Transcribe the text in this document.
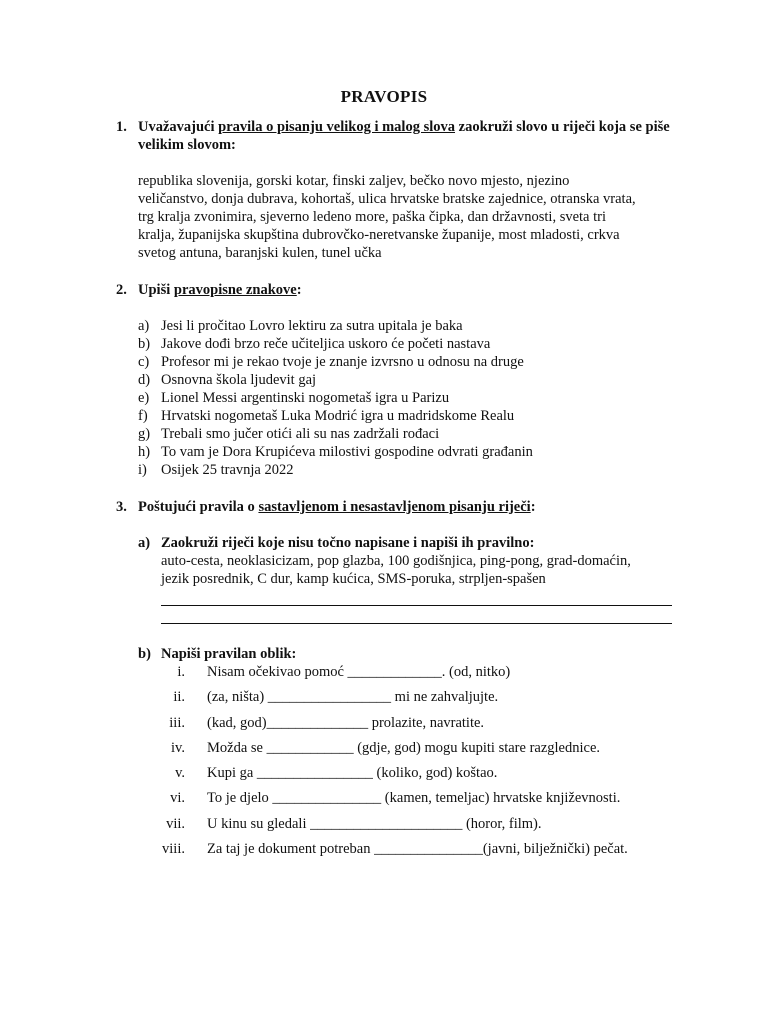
PRAVOPIS
1. Uvažavajući pravila o pisanju velikog i malog slova zaokruži slovo u riječi koja se piše velikim slovom:
republika slovenija, gorski kotar, finski zaljev, bečko novo mjesto, njezino
veličanstvo, donja dubrava, kohortaš, ulica hrvatske bratske zajednice, otranska vrata,
trg kralja zvonimira, sjeverno ledeno more, paška čipka, dan državnosti, sveta tri
kralja, županijska skupština dubrovčko-neretvanske županije, most mladosti, crkva
svetog antuna, baranjski kulen, tunel učka
2. Upiši pravopisne znakove:
a) Jesi li pročitao Lovro lektiru za sutra upitala je baka
b) Jakove dođi brzo reče učiteljica uskoro će početi nastava
c) Profesor mi je rekao tvoje je znanje izvrsno u odnosu na druge
d) Osnovna škola ljudevit gaj
e) Lionel Messi argentinski nogometaš igra u Parizu
f) Hrvatski nogometaš Luka Modrić igra u madridskome Realu
g) Trebali smo jučer otići ali su nas zadržali rođaci
h) To vam je Dora Krupićeva milostivi gospodine odvrati građanin
i) Osijek 25 travnja 2022
3. Poštujući pravila o sastavljenom i nesastavljenom pisanju riječi:
a) Zaokruži riječi koje nisu točno napisane i napiši ih pravilno:
auto-cesta, neoklasicizam, pop glazba, 100 godišnjica, ping-pong, grad-domaćin,
jezik posrednik, C dur, kamp kućica, SMS-poruka, strpljen-spašen
b) Napiši pravilan oblik:
i. Nisam očekivao pomoć _____________. (od, nitko)
ii. (za, ništa) _________________ mi ne zahvaljujte.
iii. (kad, god)______________ prolazite, navratite.
iv. Možda se ____________ (gdje, god) mogu kupiti stare razglednice.
v. Kupi ga ________________ (koliko, god) koštao.
vi. To je djelo _______________ (kamen, temeljac) hrvatske književnosti.
vii. U kinu su gledali _____________________ (horor, film).
viii. Za taj je dokument potreban _______________(javni, bilježnički) pečat.
